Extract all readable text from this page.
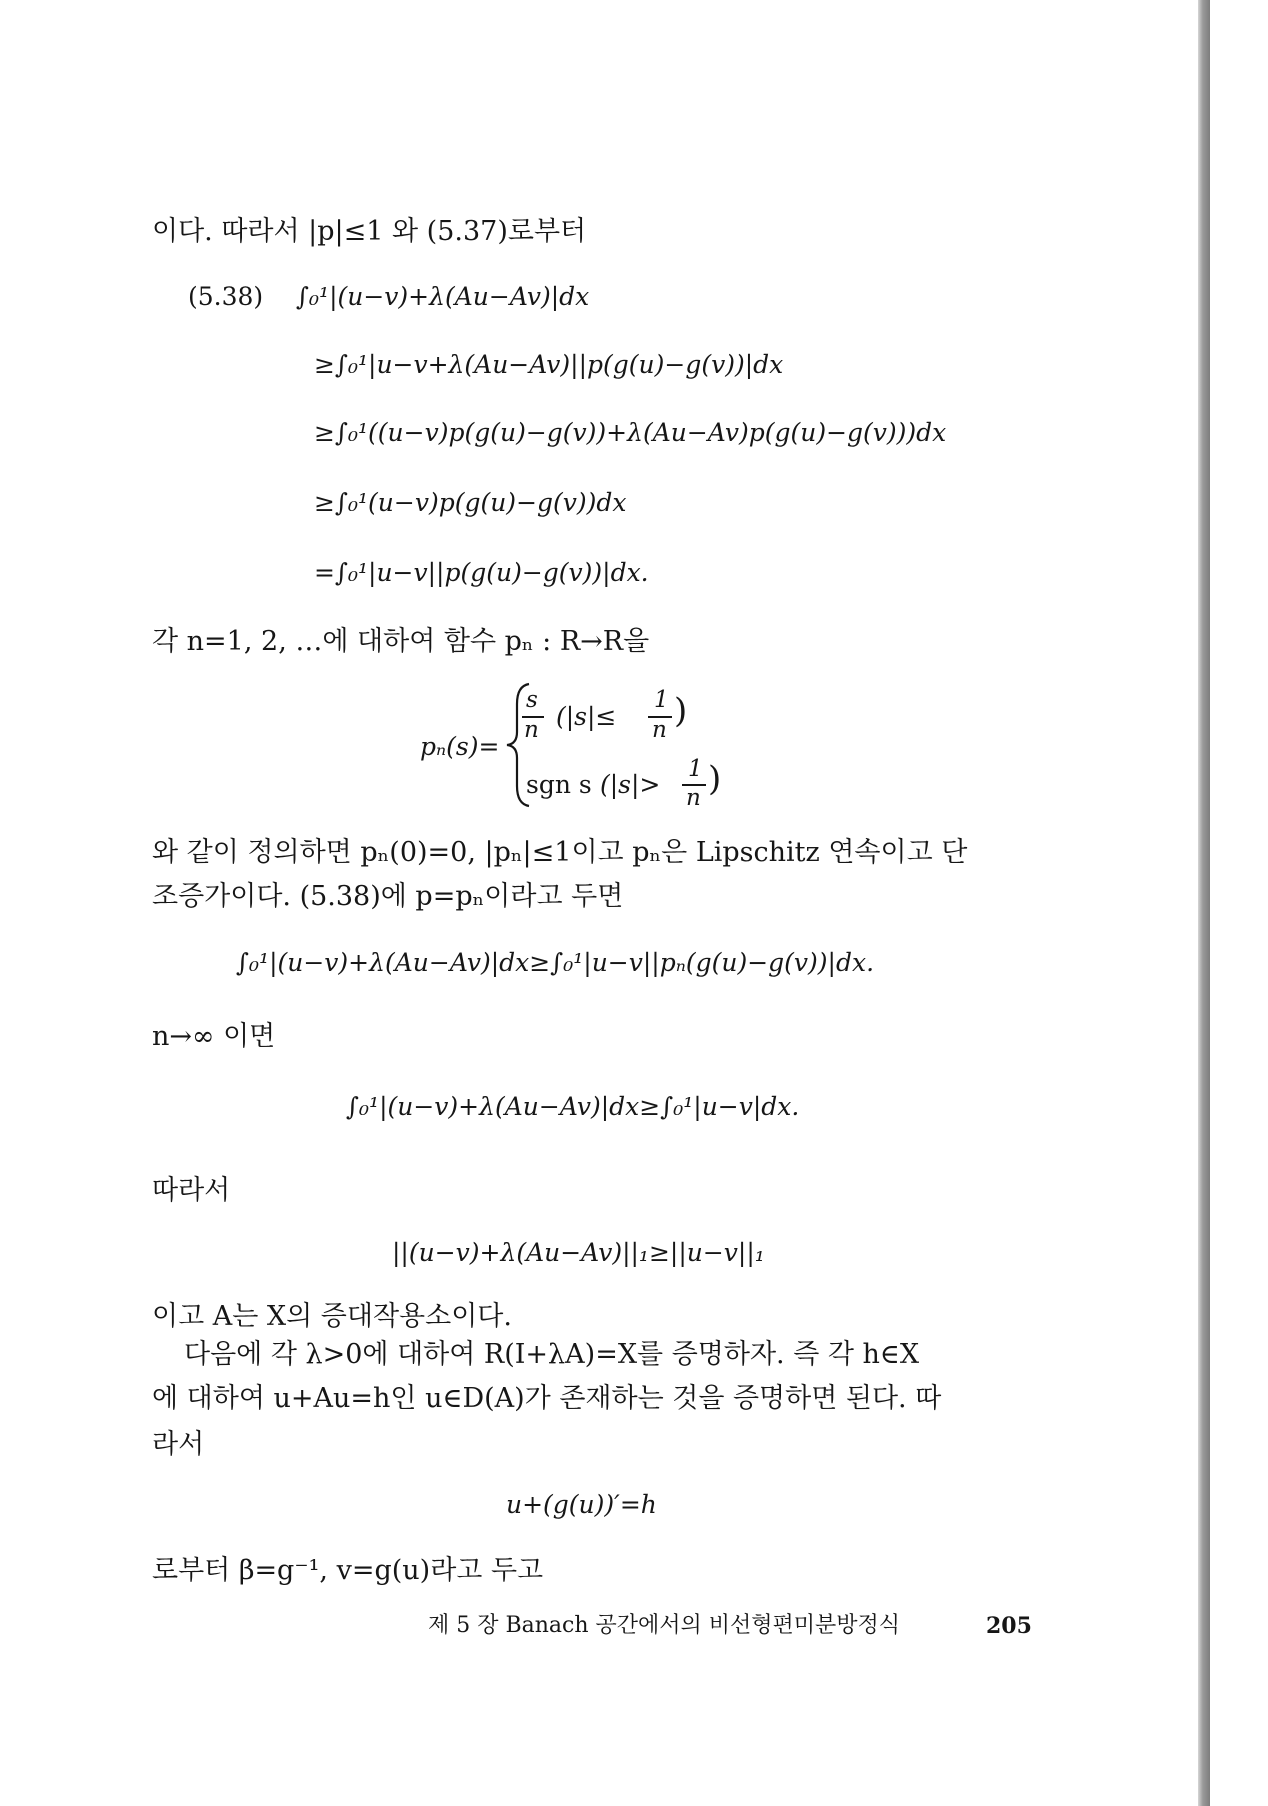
이다. 따라서 |p|≤1 와 (5.37)로부터
(5.38) ∫₀¹|(u−v)+λ(Au−Av)|dx
≥∫₀¹|u−v+λ(Au−Av)||p(g(u)−g(v))|dx
≥∫₀¹((u−v)p(g(u)−g(v))+λ(Au−Av)p(g(u)−g(v)))dx
≥∫₀¹(u−v)p(g(u)−g(v))dx
=∫₀¹|u−v||p(g(u)−g(v))|dx.
각 n=1, 2, …에 대하여 함수 pₙ : R→R을
pₙ(s)=
s
n (|s|≤
1
n )
sgn s (|s|>
1
n )
와 같이 정의하면 pₙ(0)=0, |pₙ|≤1이고 pₙ은 Lipschitz 연속이고 단
조증가이다. (5.38)에 p=pₙ이라고 두면
∫₀¹|(u−v)+λ(Au−Av)|dx≥∫₀¹|u−v||pₙ(g(u)−g(v))|dx.
n→∞ 이면
∫₀¹|(u−v)+λ(Au−Av)|dx≥∫₀¹|u−v|dx.
따라서
||(u−v)+λ(Au−Av)||₁≥||u−v||₁
이고 A는 X의 증대작용소이다.
다음에 각 λ>0에 대하여 R(I+λA)=X를 증명하자. 즉 각 h∈X
에 대하여 u+Au=h인 u∈D(A)가 존재하는 것을 증명하면 된다. 따
라서
u+(g(u))′=h
로부터 β=g⁻¹, v=g(u)라고 두고
제 5 장 Banach 공간에서의 비선형편미분방정식	205
